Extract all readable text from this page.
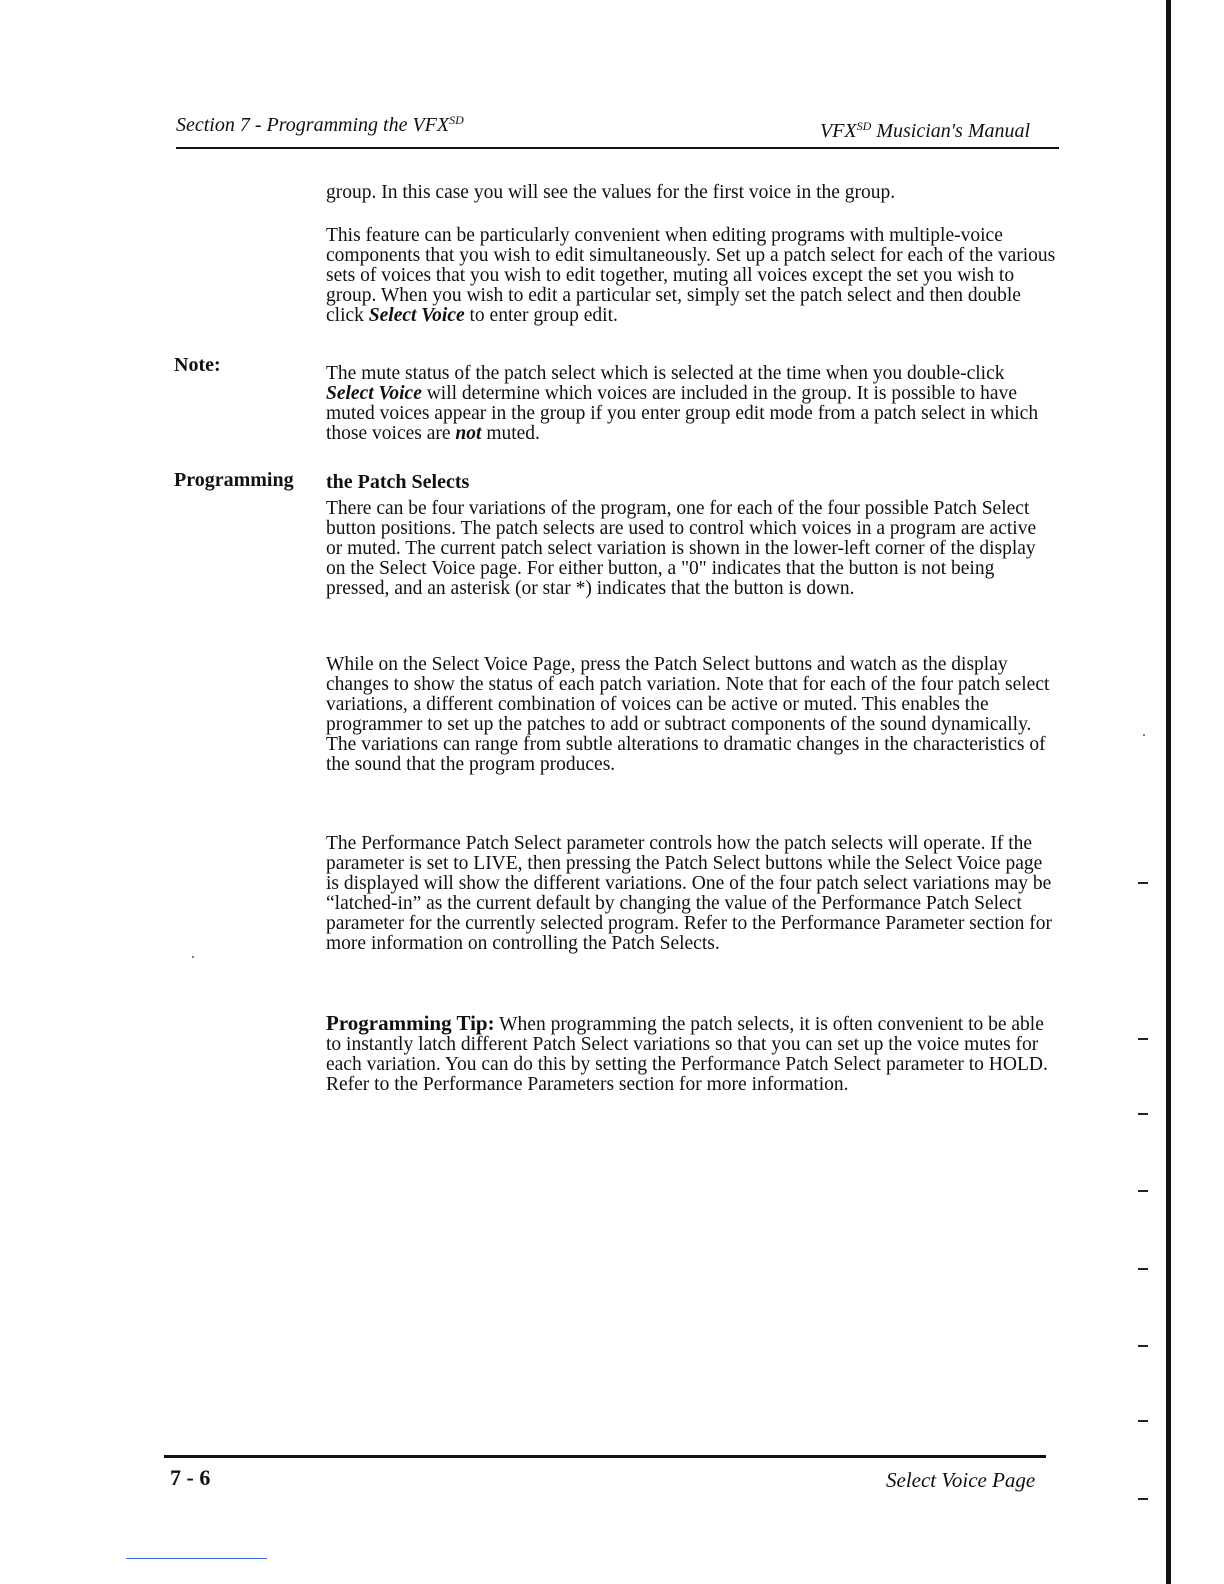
Section 7 - Programming the $VFX^{SD}$	$VFX^{SD}$ Musician's Manual

group. In this case you will see the values for the first voice in the group.

This feature can be particularly convenient when editing programs with multiple-voice components that you wish to edit simultaneously. Set up a patch select for each of the various sets of voices that you wish to edit together, muting all voices except the set you wish to group. When you wish to edit a particular set, simply set the patch select and then double click Select Voice to enter group edit.

Note:	The mute status of the patch select which is selected at the time when you double-click Select Voice will determine which voices are included in the group. It is possible to have muted voices appear in the group if you enter group edit mode from a patch select in which those voices are not muted.

Programming the Patch Selects

There can be four variations of the program, one for each of the four possible Patch Select button positions. The patch selects are used to control which voices in a program are active or muted. The current patch select variation is shown in the lower-left corner of the display on the Select Voice page. For either button, a "0" indicates that the button is not being pressed, and an asterisk (or star *) indicates that the button is down.

While on the Select Voice Page, press the Patch Select buttons and watch as the display changes to show the status of each patch variation. Note that for each of the four patch select variations, a different combination of voices can be active or muted. This enables the programmer to set up the patches to add or subtract components of the sound dynamically. The variations can range from subtle alterations to dramatic changes in the characteristics of the sound that the program produces.

The Performance Patch Select parameter controls how the patch selects will operate. If the parameter is set to LIVE, then pressing the Patch Select buttons while the Select Voice page is displayed will show the different variations. One of the four patch select variations may be “latched-in” as the current default by changing the value of the Performance Patch Select parameter for the currently selected program. Refer to the Performance Parameter section for more information on controlling the Patch Selects.

Programming Tip: When programming the patch selects, it is often convenient to be able to instantly latch different Patch Select variations so that you can set up the voice mutes for each variation. You can do this by setting the Performance Patch Select parameter to HOLD. Refer to the Performance Parameters section for more information.

7 - 6	Select Voice Page
